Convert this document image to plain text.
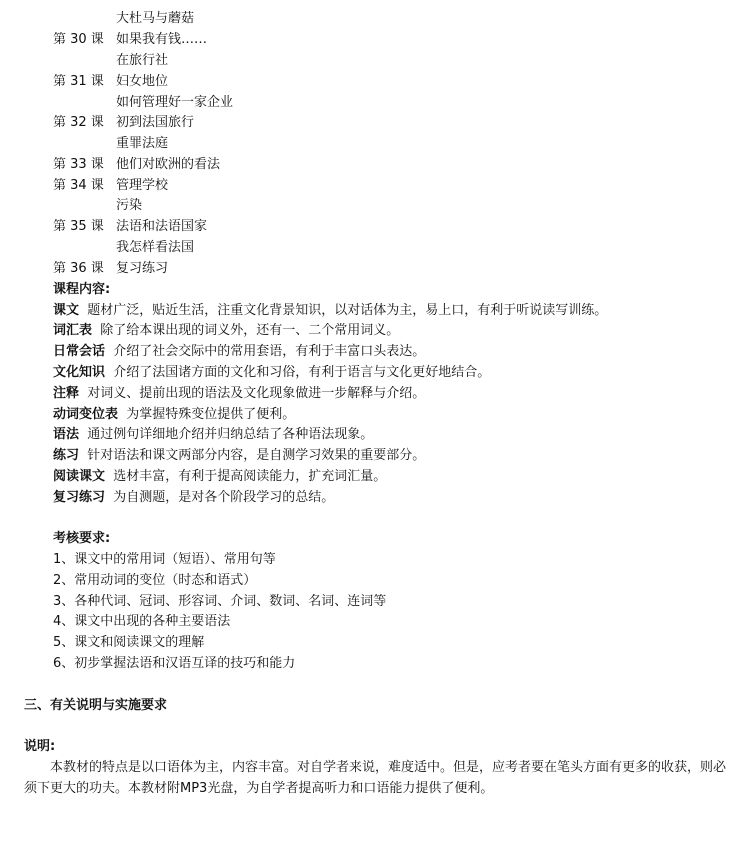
大杜马与蘑菇
第 30 课 如果我有钱……
在旅行社
第 31 课 妇女地位
如何管理好一家企业
第 32 课 初到法国旅行
重罪法庭
第 33 课 他们对欧洲的看法
第 34 课 管理学校
污染
第 35 课 法语和法语国家
我怎样看法国
第 36 课 复习练习
课程内容:
课文 题材广泛，贴近生活，注重文化背景知识，以对话体为主，易上口，有利于听说读写训练。
词汇表 除了给本课出现的词义外，还有一、二个常用词义。
日常会话 介绍了社会交际中的常用套语，有利于丰富口头表达。
文化知识 介绍了法国诸方面的文化和习俗，有利于语言与文化更好地结合。
注释 对词义、提前出现的语法及文化现象做进一步解释与介绍。
动词变位表 为掌握特殊变位提供了便利。
语法 通过例句详细地介绍并归纳总结了各种语法现象。
练习 针对语法和课文两部分内容，是自测学习效果的重要部分。
阅读课文 选材丰富，有利于提高阅读能力，扩充词汇量。
复习练习 为自测题，是对各个阶段学习的总结。
考核要求:
1、课文中的常用词（短语）、常用句等
2、常用动词的变位（时态和语式）
3、各种代词、冠词、形容词、介词、数词、名词、连词等
4、课文中出现的各种主要语法
5、课文和阅读课文的理解
6、初步掌握法语和汉语互译的技巧和能力
三、有关说明与实施要求
说明:

本教材的特点是以口语体为主，内容丰富。对自学者来说，难度适中。但是，应考者要在笔头方面有更多的收获，则必须下更大的功夫。本教材附MP3光盘，为自学者提高听力和口语能力提供了便利。
